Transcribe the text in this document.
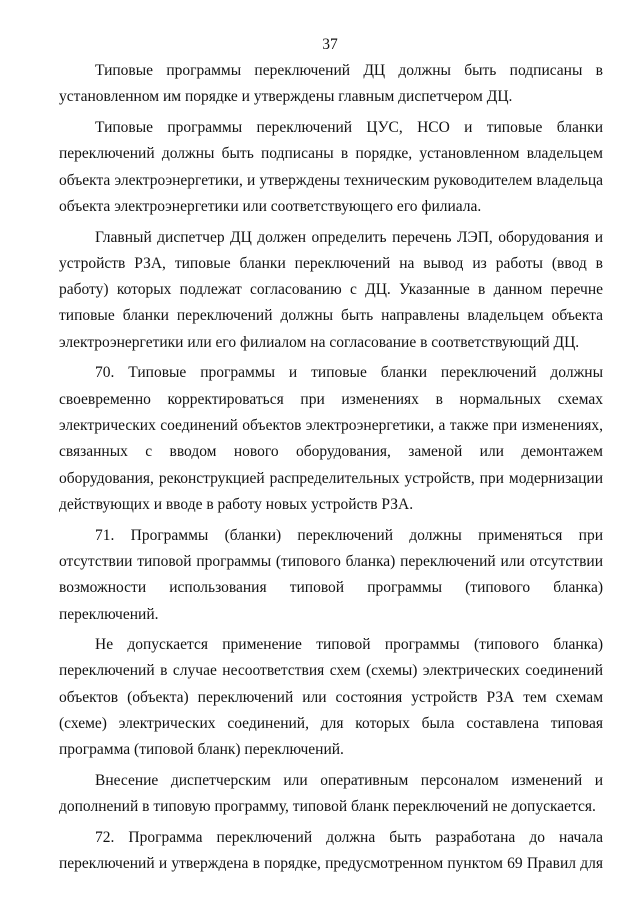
37

Типовые программы переключений ДЦ должны быть подписаны в установленном им порядке и утверждены главным диспетчером ДЦ.

Типовые программы переключений ЦУС, НСО и типовые бланки переключений должны быть подписаны в порядке, установленном владельцем объекта электроэнергетики, и утверждены техническим руководителем владельца объекта электроэнергетики или соответствующего его филиала.

Главный диспетчер ДЦ должен определить перечень ЛЭП, оборудования и устройств РЗА, типовые бланки переключений на вывод из работы (ввод в работу) которых подлежат согласованию с ДЦ. Указанные в данном перечне типовые бланки переключений должны быть направлены владельцем объекта электроэнергетики или его филиалом на согласование в соответствующий ДЦ.

70. Типовые программы и типовые бланки переключений должны своевременно корректироваться при изменениях в нормальных схемах электрических соединений объектов электроэнергетики, а также при изменениях, связанных с вводом нового оборудования, заменой или демонтажем оборудования, реконструкцией распределительных устройств, при модернизации действующих и вводе в работу новых устройств РЗА.

71. Программы (бланки) переключений должны применяться при отсутствии типовой программы (типового бланка) переключений или отсутствии возможности использования типовой программы (типового бланка) переключений.

Не допускается применение типовой программы (типового бланка) переключений в случае несоответствия схем (схемы) электрических соединений объектов (объекта) переключений или состояния устройств РЗА тем схемам (схеме) электрических соединений, для которых была составлена типовая программа (типовой бланк) переключений.

Внесение диспетчерским или оперативным персоналом изменений и дополнений в типовую программу, типовой бланк переключений не допускается.

72. Программа переключений должна быть разработана до начала переключений и утверждена в порядке, предусмотренном пунктом 69 Правил для
